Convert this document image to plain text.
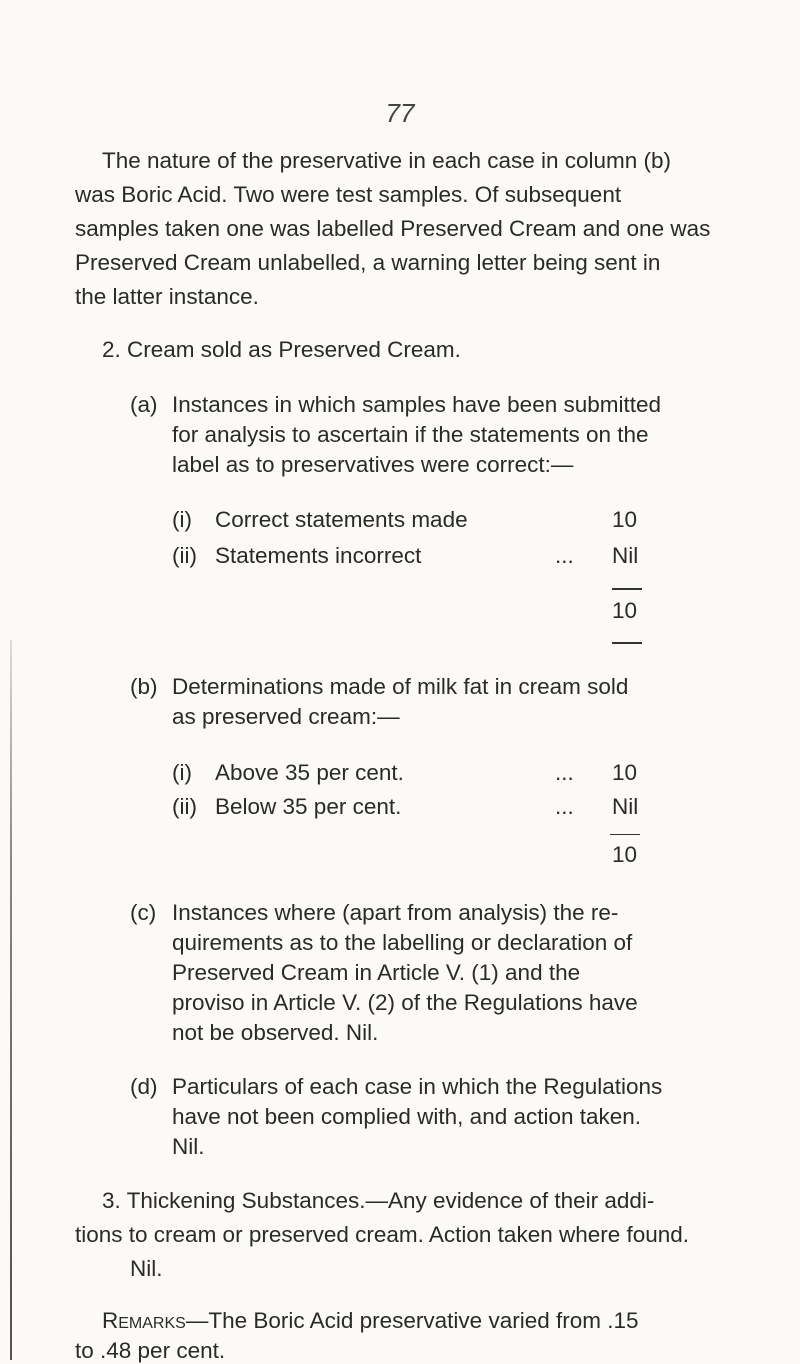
77
The nature of the preservative in each case in column (b)
was Boric Acid. Two were test samples. Of subsequent
samples taken one was labelled Preserved Cream and one was
Preserved Cream unlabelled, a warning letter being sent in
the latter instance.
2. Cream sold as Preserved Cream.
(a) Instances in which samples have been submitted
for analysis to ascertain if the statements on the
label as to preservatives were correct:—
(i) Correct statements made	10
(ii) Statements incorrect	... Nil
10
(b) Determinations made of milk fat in cream sold
as preserved cream:—
(i) Above 35 per cent.	... 10
(ii) Below 35 per cent.	... Nil
10
(c) Instances where (apart from analysis) the re-
quirements as to the labelling or declaration of
Preserved Cream in Article V. (1) and the
proviso in Article V. (2) of the Regulations have
not be observed. Nil.
(d) Particulars of each case in which the Regulations
have not been complied with, and action taken.
Nil.
3. Thickening Substances.—Any evidence of their addi-
tions to cream or preserved cream. Action taken where found.
Nil.
Remarks—The Boric Acid preservative varied from .15
to .48 per cent.
